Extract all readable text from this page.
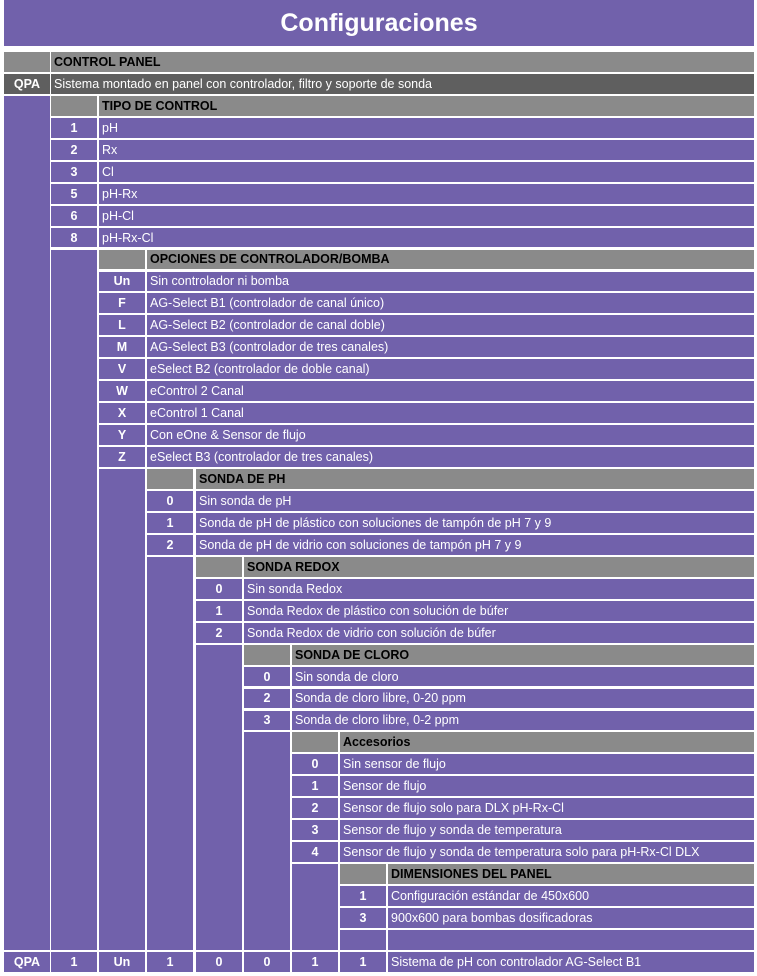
Configuraciones
CONTROL PANEL
QPA	Sistema montado en panel con controlador, filtro y soporte de sonda
TIPO DE CONTROL
1	pH
2	Rx
3	Cl
5	pH-Rx
6	pH-Cl
8	pH-Rx-Cl
OPCIONES DE CONTROLADOR/BOMBA
Un	Sin controlador ni bomba
F	AG-Select B1 (controlador de canal único)
L	AG-Select B2 (controlador de canal doble)
M	AG-Select B3 (controlador de tres canales)
V	eSelect B2 (controlador de doble canal)
W	eControl 2 Canal
X	eControl 1 Canal
Y	Con eOne & Sensor de flujo
Z	eSelect B3 (controlador de tres canales)
SONDA DE PH
0	Sin sonda de pH
1	Sonda de pH de plástico con soluciones de tampón de pH 7 y 9
2	Sonda de pH de vidrio con soluciones de tampón pH 7 y 9
SONDA REDOX
0	Sin sonda Redox
1	Sonda Redox de plástico con solución de búfer
2	Sonda Redox de vidrio con solución de búfer
SONDA DE CLORO
0	Sin sonda de cloro
2	Sonda de cloro libre, 0-20 ppm
3	Sonda de cloro libre, 0-2 ppm
Accesorios
0	Sin sensor de flujo
1	Sensor de flujo
2	Sensor de flujo solo para DLX pH-Rx-Cl
3	Sensor de flujo y sonda de temperatura
4	Sensor de flujo y sonda de temperatura solo para pH-Rx-Cl DLX
DIMENSIONES DEL PANEL
1	Configuración estándar de 450x600
3	900x600 para bombas dosificadoras
QPA	1	Un	1	0	0	1	1	Sistema de pH con controlador AG-Select B1
